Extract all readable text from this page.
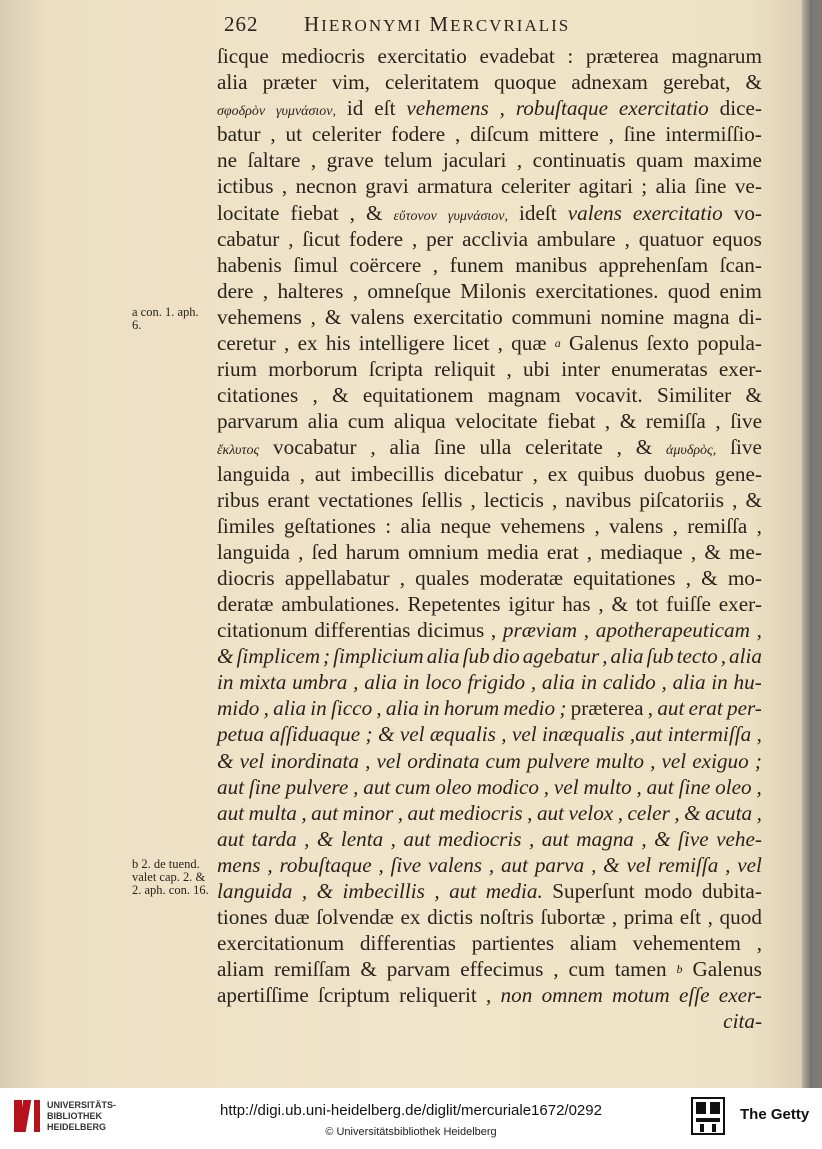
262 HIERONYMI MERCVRIALIS
ſicque mediocris exercitatio evadebat : præterea magnarum
alia præter vim, celeritatem quoque adnexam gerebat, &
σφοδρὸν γυμνάσιον, id eſt vehemens , robuſtaque exercitatio dice-
batur , ut celeriter fodere , diſcum mittere , ſine intermiſſio-
ne ſaltare , grave telum jaculari , continuatis quam maxime
ictibus , necnon gravi armatura celeriter agitari ; alia ſine ve-
locitate fiebat , & εὔτονον γυμνάσιον, ideſt valens exercitatio vo-
cabatur , ſicut fodere , per acclivia ambulare , quatuor equos
habenis ſimul coërcere , funem manibus apprehenſam ſcan-
dere , halteres , omneſque Milonis exercitationes. quod enim
vehemens , & valens exercitatio communi nomine magna di-
ceretur , ex his intelligere licet , quæ a Galenus ſexto popula-
rium morborum ſcripta reliquit , ubi inter enumeratas exer-
citationes , & equitationem magnam vocavit. Similiter &
parvarum alia cum aliqua velocitate fiebat , & remiſſa , ſive
ἔκλυτος vocabatur , alia ſine ulla celeritate , & ἀμυδρὸς, ſive
languida , aut imbecillis dicebatur , ex quibus duobus gene-
ribus erant vectationes ſellis , lecticis , navibus piſcatoriis , &
ſimiles geſtationes : alia neque vehemens , valens , remiſſa ,
languida , ſed harum omnium media erat , mediaque , & me-
diocris appellabatur , quales moderatæ equitationes , & mo-
deratæ ambulationes. Repetentes igitur has , & tot fuiſſe exer-
citationum differentias dicimus , præviam , apotherapeuticam ,
& ſimplicem ; ſimplicium alia ſub dio agebatur , alia ſub tecto , alia
in mixta umbra , alia in loco frigido , alia in calido , alia in hu-
mido , alia in ſicco , alia in horum medio ; præterea , aut erat per-
petua aſſiduaque ; & vel æqualis , vel inæqualis ,aut intermiſſa ,
& vel inordinata , vel ordinata cum pulvere multo , vel exiguo ;
aut ſine pulvere , aut cum oleo modico , vel multo , aut ſine oleo ,
aut multa , aut minor , aut mediocris , aut velox , celer , & acuta ,
aut tarda , & lenta , aut mediocris , aut magna , & ſive vehe-
mens , robuſtaque , ſive valens , aut parva , & vel remiſſa , vel
languida , & imbecillis , aut media. Superſunt modo dubita-
tiones duæ ſolvendæ ex dictis noſtris ſubortæ , prima eſt , quod
exercitationum differentias partientes aliam vehementem ,
aliam remiſſam & parvam effecimus , cum tamen b Galenus
apertiſſime ſcriptum reliquerit , non omnem motum eſſe exer-
cita-
a con. 1. aph.
6.
b 2. de tuend.
valet cap. 2. &
2. aph. con. 16.
UNIVERSITÄTS-
BIBLIOTHEK
HEIDELBERG
http://digi.ub.uni-heidelberg.de/diglit/mercuriale1672/0292
© Universitätsbibliothek Heidelberg
The Getty
